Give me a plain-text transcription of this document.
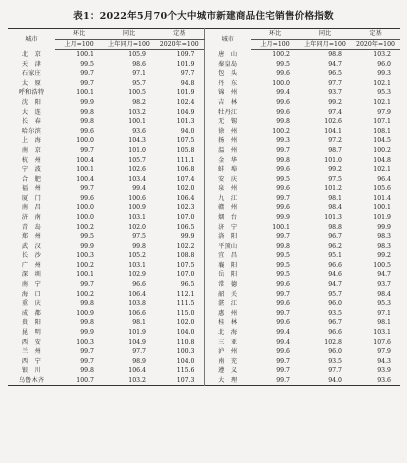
表1：2022年5月70个大中城市新建商品住宅销售价格指数
城市	环比	同比	定基	城市	环比	同比	定基
	上月=100	上年同月=100	2020年=100		上月=100	上年同月=100	2020年=100
北　京	100.1	105.9	109.7	唐　山	100.2	98.8	103.2
天　津	99.5	98.6	101.9	秦皇岛	99.5	94.7	96.0
石家庄	99.7	97.1	97.7	包　头	99.6	96.5	99.3
太　原	99.7	95.7	94.8	丹　东	100.0	97.7	102.1
呼和浩特	100.1	100.5	101.9	锦　州	99.4	93.7	95.3
沈　阳	99.9	98.2	102.4	吉　林	99.6	99.2	102.1
大　连	99.8	103.2	104.9	牡丹江	99.6	97.4	97.9
长　春	99.8	100.1	101.3	无　锡	99.8	102.6	107.1
哈尔滨	99.6	93.6	94.0	徐　州	100.2	104.1	108.1
上　海	100.0	104.3	107.5	扬　州	99.3	97.2	104.5
南　京	99.7	101.0	105.8	温　州	99.7	98.7	100.2
杭　州	100.4	105.7	111.1	金　华	99.8	101.0	104.8
宁　波	100.1	102.6	106.8	蚌　埠	99.6	99.2	102.1
合　肥	100.4	103.4	107.4	安　庆	99.5	97.5	96.4
福　州	99.7	99.4	102.0	泉　州	99.6	101.2	105.6
厦　门	99.6	100.6	106.4	九　江	99.7	98.1	101.4
南　昌	100.0	100.9	102.3	赣　州	99.6	98.4	100.1
济　南	100.0	103.1	107.0	烟　台	99.9	101.3	101.9
青　岛	100.2	102.0	106.5	济　宁	100.1	98.8	99.9
郑　州	99.5	97.5	99.9	洛　阳	99.7	96.7	98.3
武　汉	99.9	99.8	102.2	平顶山	99.8	96.2	98.3
长　沙	100.3	105.2	108.8	宜　昌	99.5	95.1	99.2
广　州	100.2	103.1	107.5	襄　阳	99.5	96.6	100.5
深　圳	100.1	102.9	107.0	岳　阳	99.5	94.6	94.7
南　宁	99.7	96.6	96.5	常　德	99.6	94.7	93.7
海　口	100.2	106.4	112.1	韶　关	99.7	95.7	98.4
重　庆	99.8	103.8	111.5	湛　江	99.6	96.0	95.3
成　都	100.9	106.6	115.0	惠　州	99.7	93.5	97.1
贵　阳	99.8	98.1	102.0	桂　林	99.6	96.7	98.1
昆　明	99.9	101.9	104.0	北　海	99.4	96.6	103.1
西　安	100.3	104.9	110.8	三　亚	99.4	102.8	107.6
兰　州	99.7	97.7	100.3	泸　州	99.6	96.0	97.9
西　宁	99.7	98.9	104.0	南　充	99.7	93.5	94.3
银　川	99.8	106.4	115.6	遵　义	99.7	97.7	93.9
乌鲁木齐	100.7	103.2	107.3	大　理	99.7	94.0	93.6
